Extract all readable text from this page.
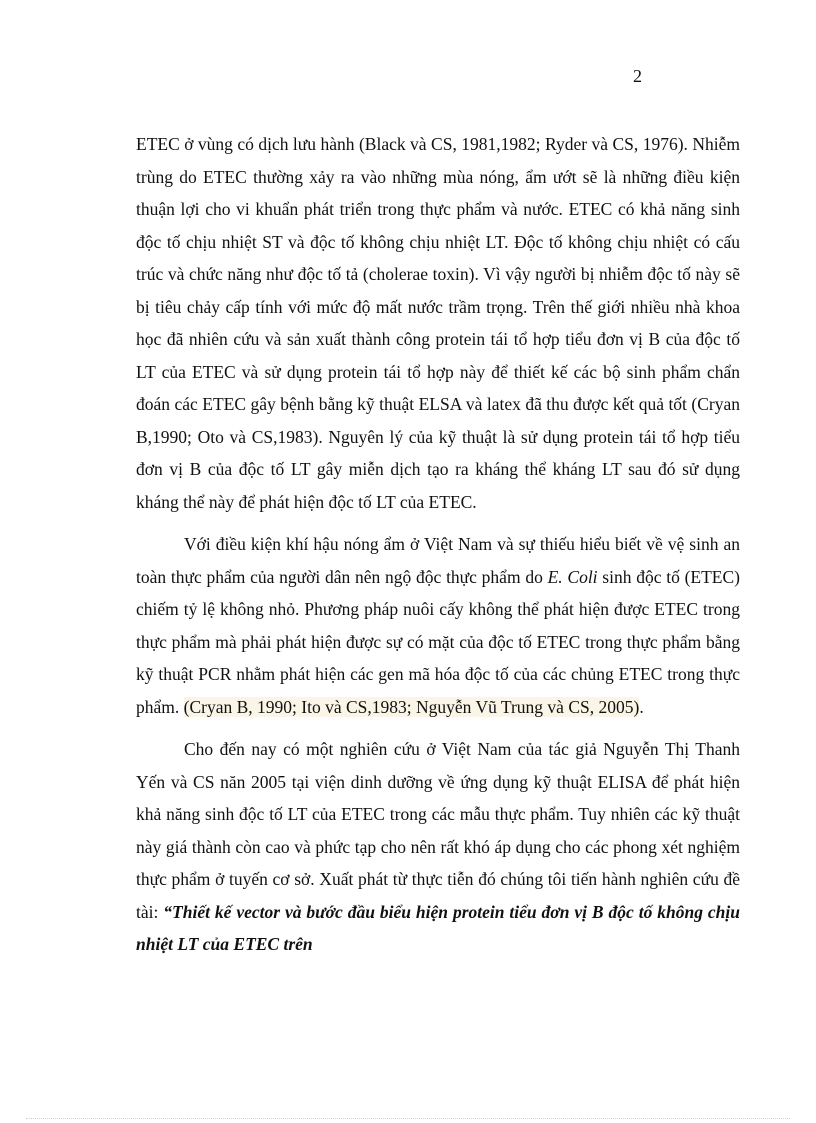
2

ETEC ở vùng có dịch lưu hành (Black và CS, 1981,1982; Ryder và CS, 1976). Nhiễm trùng do ETEC thường xảy ra vào những mùa nóng, ẩm ướt sẽ là những điều kiện thuận lợi cho vi khuẩn phát triển trong thực phẩm và nước. ETEC có khả năng sinh độc tố chịu nhiệt ST và độc tố không chịu nhiệt LT. Độc tố không chịu nhiệt có cấu trúc và chức năng như độc tố tả (cholerae toxin). Vì vậy người bị nhiễm độc tố này sẽ bị tiêu chảy cấp tính với mức độ mất nước trầm trọng. Trên thế giới nhiều nhà khoa học đã nhiên cứu và sản xuất thành công protein tái tổ hợp tiểu đơn vị B của độc tố LT của ETEC và sử dụng protein tái tổ hợp này để thiết kế các bộ sinh phẩm chẩn đoán các ETEC gây bệnh bằng kỹ thuật ELSA và latex đã thu được kết quả tốt (Cryan B,1990; Oto và CS,1983). Nguyên lý của kỹ thuật là sử dụng protein tái tổ hợp tiểu đơn vị B của độc tố LT gây miễn dịch tạo ra kháng thể kháng LT sau đó sử dụng kháng thể này để phát hiện độc tố LT của ETEC.

Với điều kiện khí hậu nóng ẩm ở Việt Nam và sự thiếu hiểu biết về vệ sinh an toàn thực phẩm của người dân nên ngộ độc thực phẩm do E. Coli sinh độc tố (ETEC) chiếm tỷ lệ không nhỏ. Phương pháp nuôi cấy không thể phát hiện được ETEC trong thực phẩm mà phải phát hiện được sự có mặt của độc tố ETEC trong thực phẩm bằng kỹ thuật PCR nhằm phát hiện các gen mã hóa độc tố của các chủng ETEC trong thực phẩm. (Cryan B, 1990; Ito và CS,1983; Nguyễn Vũ Trung và CS, 2005).

Cho đến nay có một nghiên cứu ở Việt Nam của tác giả Nguyễn Thị Thanh Yến và CS năn 2005 tại viện dinh dưỡng về ứng dụng kỹ thuật ELISA để phát hiện khả năng sinh độc tố LT của ETEC trong các mẫu thực phẩm. Tuy nhiên các kỹ thuật này giá thành còn cao và phức tạp cho nên rất khó áp dụng cho các phong xét nghiệm thực phẩm ở tuyến cơ sở. Xuất phát từ thực tiễn đó chúng tôi tiến hành nghiên cứu đề tài: “Thiết kế vector và bước đầu biểu hiện protein tiểu đơn vị B độc tố không chịu nhiệt LT của ETEC trên
